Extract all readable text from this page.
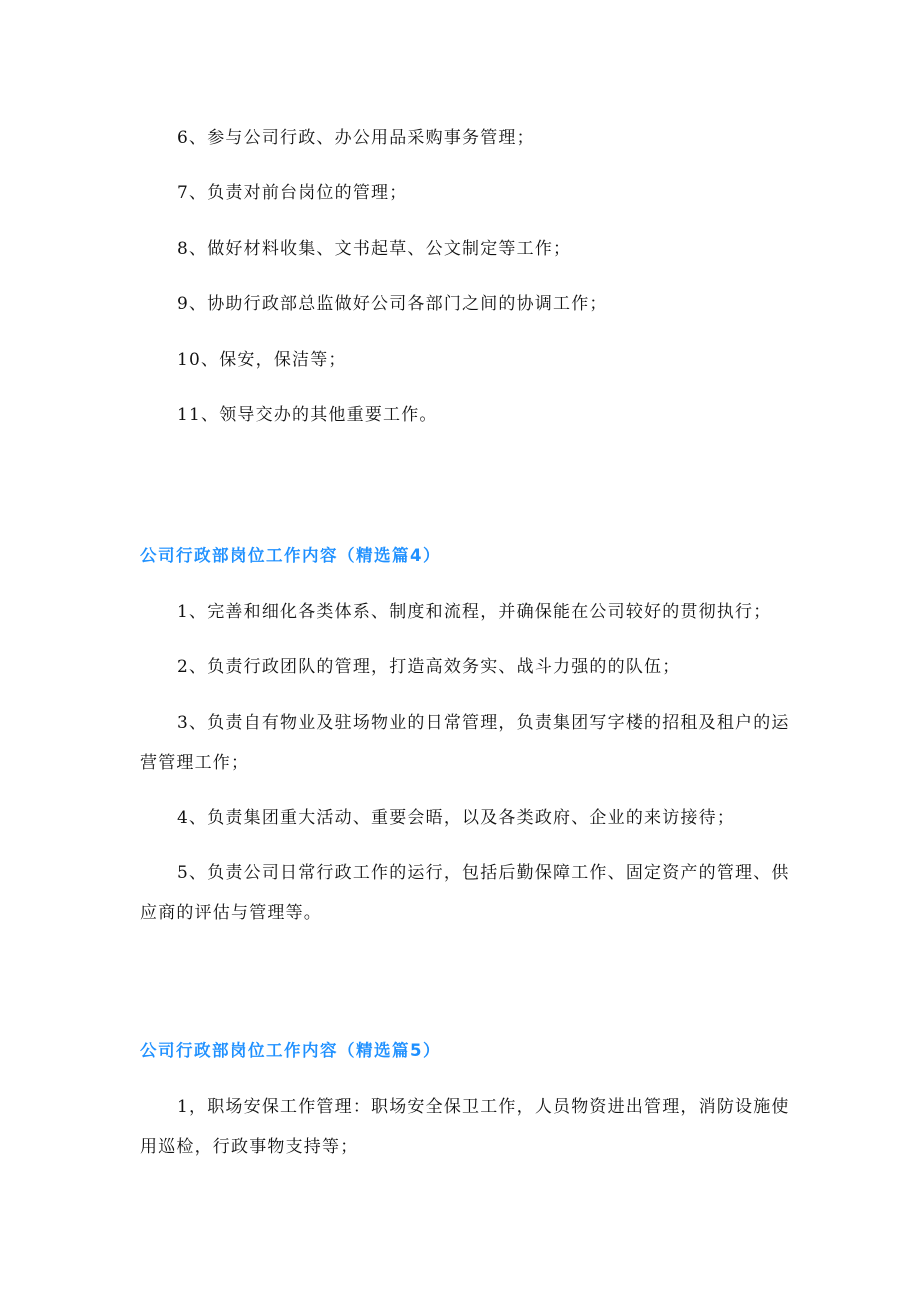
6、参与公司行政、办公用品采购事务管理；

7、负责对前台岗位的管理；

8、做好材料收集、文书起草、公文制定等工作；

9、协助行政部总监做好公司各部门之间的协调工作；

10、保安，保洁等；

11、领导交办的其他重要工作。

公司行政部岗位工作内容（精选篇4）

1、完善和细化各类体系、制度和流程，并确保能在公司较好的贯彻执行；

2、负责行政团队的管理，打造高效务实、战斗力强的的队伍；

3、负责自有物业及驻场物业的日常管理，负责集团写字楼的招租及租户的运营管理工作；

4、负责集团重大活动、重要会晤，以及各类政府、企业的来访接待；

5、负责公司日常行政工作的运行，包括后勤保障工作、固定资产的管理、供应商的评估与管理等。

公司行政部岗位工作内容（精选篇5）

1，职场安保工作管理：职场安全保卫工作，人员物资进出管理，消防设施使用巡检，行政事物支持等；
